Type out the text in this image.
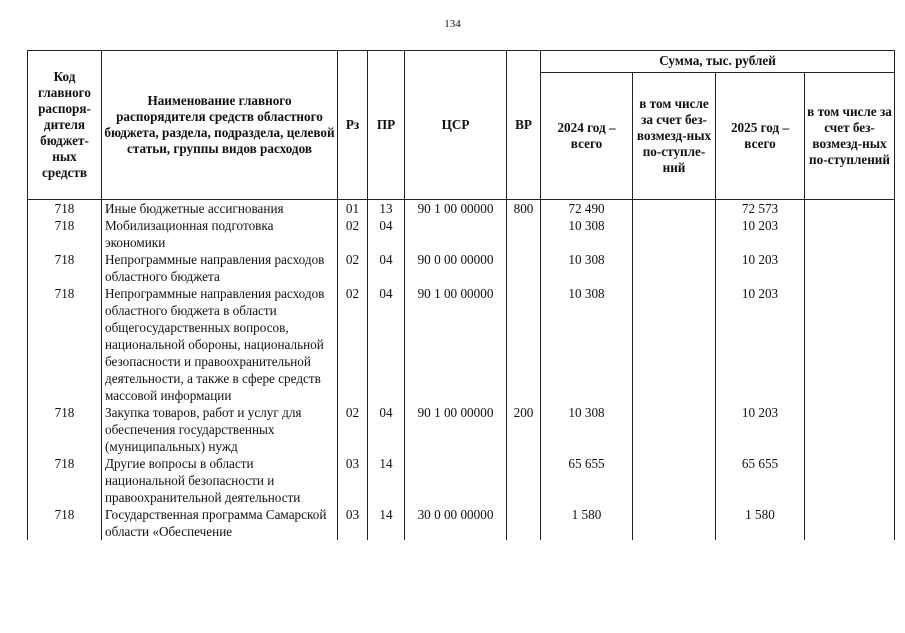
134
Код главного распоря-дителя бюджет-ных средств	Наименование главного распорядителя средств областного бюджета, раздела, подраздела, целевой статьи, группы видов расходов	Рз	ПР	ЦСР	ВР	Сумма, тыс. рублей			
						2024 год – всего	в том числе за счет без-возмезд-ных по-ступле-ний	2025 год – всего	в том числе за счет без-возмезд-ных по-ступлений
718	Иные бюджетные ассигнования	01	13	90 1 00 00000	800	72 490		72 573	
718	Мобилизационная подготовка экономики	02	04			10 308		10 203	
718	Непрограммные направления расходов областного бюджета	02	04	90 0 00 00000		10 308		10 203	
718	Непрограммные направления расходов областного бюджета в области общегосударственных вопросов, национальной обороны, национальной безопасности и правоохранительной деятельности, а также в сфере средств массовой информации	02	04	90 1 00 00000		10 308		10 203	
718	Закупка товаров, работ и услуг для обеспечения государственных (муниципальных) нужд	02	04	90 1 00 00000	200	10 308		10 203	
718	Другие вопросы в области национальной безопасности и правоохранительной деятельности	03	14			65 655		65 655	
718	Государственная программа Самарской области «Обеспечение	03	14	30 0 00 00000		1 580		1 580	
